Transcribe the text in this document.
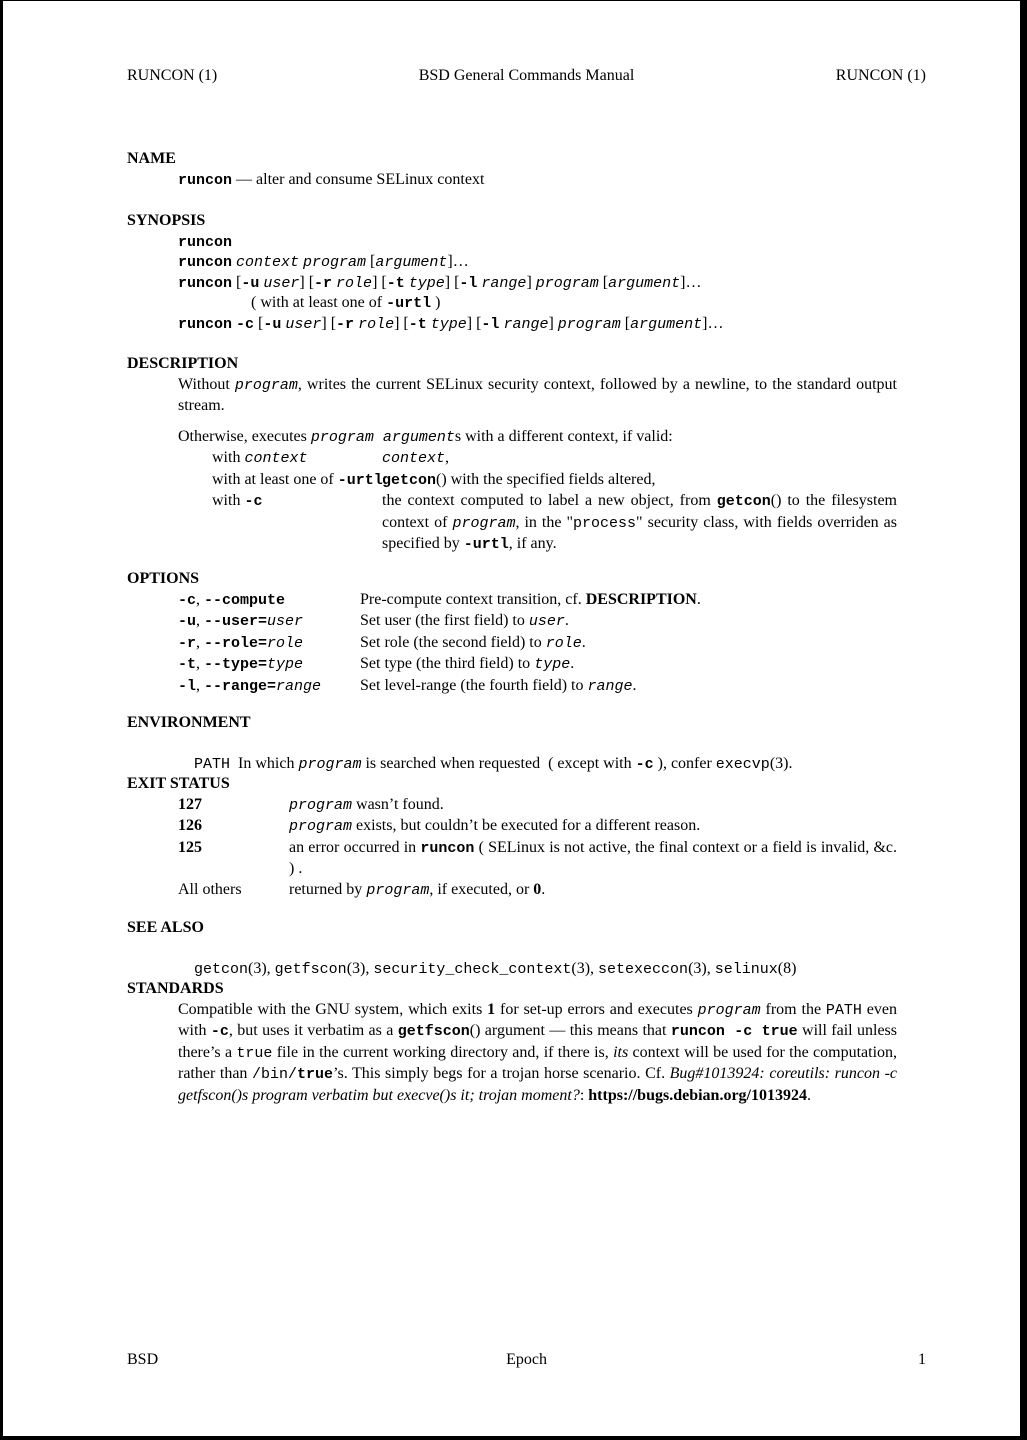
RUNCON (1)	BSD General Commands Manual	RUNCON (1)
NAME
runcon — alter and consume SELinux context
SYNOPSIS
runcon
runcon context program [argument]…
runcon [-u user] [-r role] [-t type] [-l range] program [argument]…
( with at least one of -urtl )
runcon -c [-u user] [-r role] [-t type] [-l range] program [argument]…
DESCRIPTION

Without program, writes the current SELinux security context, followed by a newline, to the standard output stream.

Otherwise, executes program arguments with a different context, if valid:

with context	context,
with at least one of -urtl getcon() with the specified fields altered,
with -c	the context computed to label a new object, from getcon() to the filesystem context of program, in the "process" security class, with fields overriden as specified by -urtl, if any.
OPTIONS
-c, --compute	Pre-compute context transition, cf. DESCRIPTION.
-u, --user=user	Set user (the first field) to user.
-r, --role=role	Set role (the second field) to role.
-t, --type=type	Set type (the third field) to type.
-l, --range=range	Set level-range (the fourth field) to range.
ENVIRONMENT

PATH  In which program is searched when requested  ( except with -c ), confer execvp(3).

EXIT STATUS
127	program wasn’t found.
126	program exists, but couldn’t be executed for a different reason.
125	an error occurred in runcon ( SELinux is not active, the final context or a field is invalid, &c. ) .
All others	returned by program, if executed, or 0.
SEE ALSO

getcon(3), getfscon(3), security_check_context(3), setexeccon(3), selinux(8)

STANDARDS

Compatible with the GNU system, which exits 1 for set-up errors and executes program from the PATH even with -c, but uses it verbatim as a getfscon() argument — this means that runcon -c true will fail unless there’s a true file in the current working directory and, if there is, its context will be used for the computation, rather than /bin/true’s. This simply begs for a trojan horse scenario. Cf. Bug#1013924: coreutils: runcon -c getfscon()s program verbatim but execve()s it; trojan moment?: https://bugs.debian.org/1013924.

BSD	Epoch	1
